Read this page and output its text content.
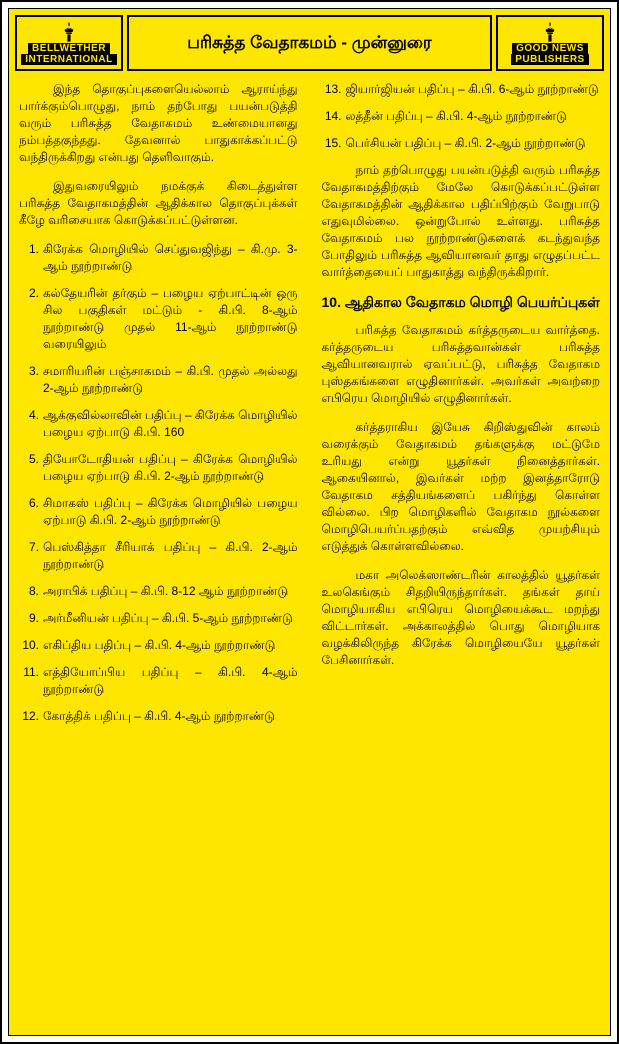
BELLWETHER
INTERNATIONAL
பரிசுத்த வேதாகமம் - முன்னுரை	GOOD NEWS
PUBLISHERS

இந்த தொகுப்புகளையெல்லாம் ஆராய்ந்து பார்க்கும்பொழுது, நாம் தற்போது பயன்படுத்தி வரும் பரிசுத்த வேதாகமம் உண்மையானது நம்பத்தகுந்தது. தேவனால் பாதுகாக்கப்பட்டு வந்திருக்கிறது என்பது தெளிவாகும்.

இதுவரையிலும் நமக்குக் கிடைத்துள்ள பரிசுத்த வேதாகமத்தின் ஆதிக்கால தொகுப்புக்கள் கீழே வரிசையாக கொடுக்கப்பட்டுள்ளன.

1. கிரேக்க மொழியில் செப்துவஜிந்து – கி.மு. 3-ஆம் நூற்றாண்டு
2. கல்தேயரின் தர்கும் – பழைய ஏற்பாட்டின் ஒரு சில பகுதிகள் மட்டும் - கி.பி. 8-ஆம் நூற்றாண்டு முதல் 11-ஆம் நூற்றாண்டு வரையிலும்
3. சமாரியரின் பஞ்சாகமம் – கி.பி. முதல் அல்லது 2-ஆம் நூற்றாண்டு
4. ஆக்குவில்லாவின் பதிப்பு – கிரேக்க மொழியில் பழைய ஏற்பாடு கி.பி. 160
5. தியோடோதியன் பதிப்பு – கிரேக்க மொழியில் பழைய ஏற்பாடு கி.பி. 2-ஆம் நூற்றாண்டு
6. சிமாகஸ் பதிப்பு – கிரேக்க மொழியில் பழைய ஏற்பாடு கி.பி. 2-ஆம் நூற்றாண்டு
7. பெஸ்கித்தா சீரியாக் பதிப்பு – கி.பி. 2-ஆம் நூற்றாண்டு
8. அராபிக் பதிப்பு – கி.பி. 8-12 ஆம் நூற்றாண்டு
9. அர்மீனியன் பதிப்பு – கி.பி. 5-ஆம் நூற்றாண்டு
10. எகிப்திய பதிப்பு – கி.பி. 4-ஆம் நூற்றாண்டு
11. எத்தியோப்பிய பதிப்பு – கி.பி. 4-ஆம் நூற்றாண்டு
12. கோத்திக் பதிப்பு – கி.பி. 4-ஆம் நூற்றாண்டு
13. ஜியார்ஜியன் பதிப்பு – கி.பி. 6-ஆம் நூற்றாண்டு
14. லத்தீன் பதிப்பு – கி.பி. 4-ஆம் நூற்றாண்டு
15. பெர்சியன் பதிப்பு – கி.பி. 2-ஆம் நூற்றாண்டு

நாம் தற்பொழுது பயன்படுத்தி வரும் பரிசுத்த வேதாகமத்திற்கும் மேலே கொடுக்கப்பட்டுள்ள வேதாகமத்தின் ஆதிக்கால பதிப்பிற்கும் வேறுபாடு எதுவுமில்லை. ஒன்றுபோல் உள்ளது. பரிசுத்த வேதாகமம் பல நூற்றாண்டுகளைக் கடந்துவந்த போதிலும் பரிசுத்த ஆவியானவர் தாது எழுதப்பட்ட வார்த்தையைப் பாதுகாத்து வந்திருக்கிறார்.

10. ஆதிகால வேதாகம மொழி பெயர்ப்புகள்

பரிசுத்த வேதாகமம் கர்த்தருடைய வார்த்தை. கர்த்தருடைய பரிசுத்தவான்கள் பரிசுத்த ஆவியானவரால் ஏவப்பட்டு, பரிசுத்த வேதாகம புஸ்தகங்களை எழுதினார்கள். அவர்கள் அவற்றை எபிரெய மொழியில் எழுதினார்கள்.

கர்த்தராகிய இயேசு கிறிஸ்துவின் காலம் வரைக்கும் வேதாகமம் தங்களுக்கு மட்டுமே உரியது என்று யூதர்கள் நினைத்தார்கள். ஆகையினால், இவர்கள் மற்ற இனத்தாரோடு வேதாகம சத்தியங்களைப் பகிர்ந்து கொள்ள வில்லை. பிற மொழிகளில் வேதாகம நூல்களை மொழிபெயர்ப்பதற்கும் எவ்வித முயற்சியும் எடுத்துக் கொள்ளவில்லை.

மகா அலெக்ஸாண்டரின் காலத்தில் யூதர்கள் உலகெங்கும் சிதறியிருந்தார்கள். தங்கள் தாய் மொழியாகிய எபிரெய மொழியைக்கூட மறந்து விட்டார்கள். அக்காலத்தில் பொது மொழியாக வழக்கிலிருந்த கிரேக்க மொழியையே யூதர்கள் பேசினார்கள்.
